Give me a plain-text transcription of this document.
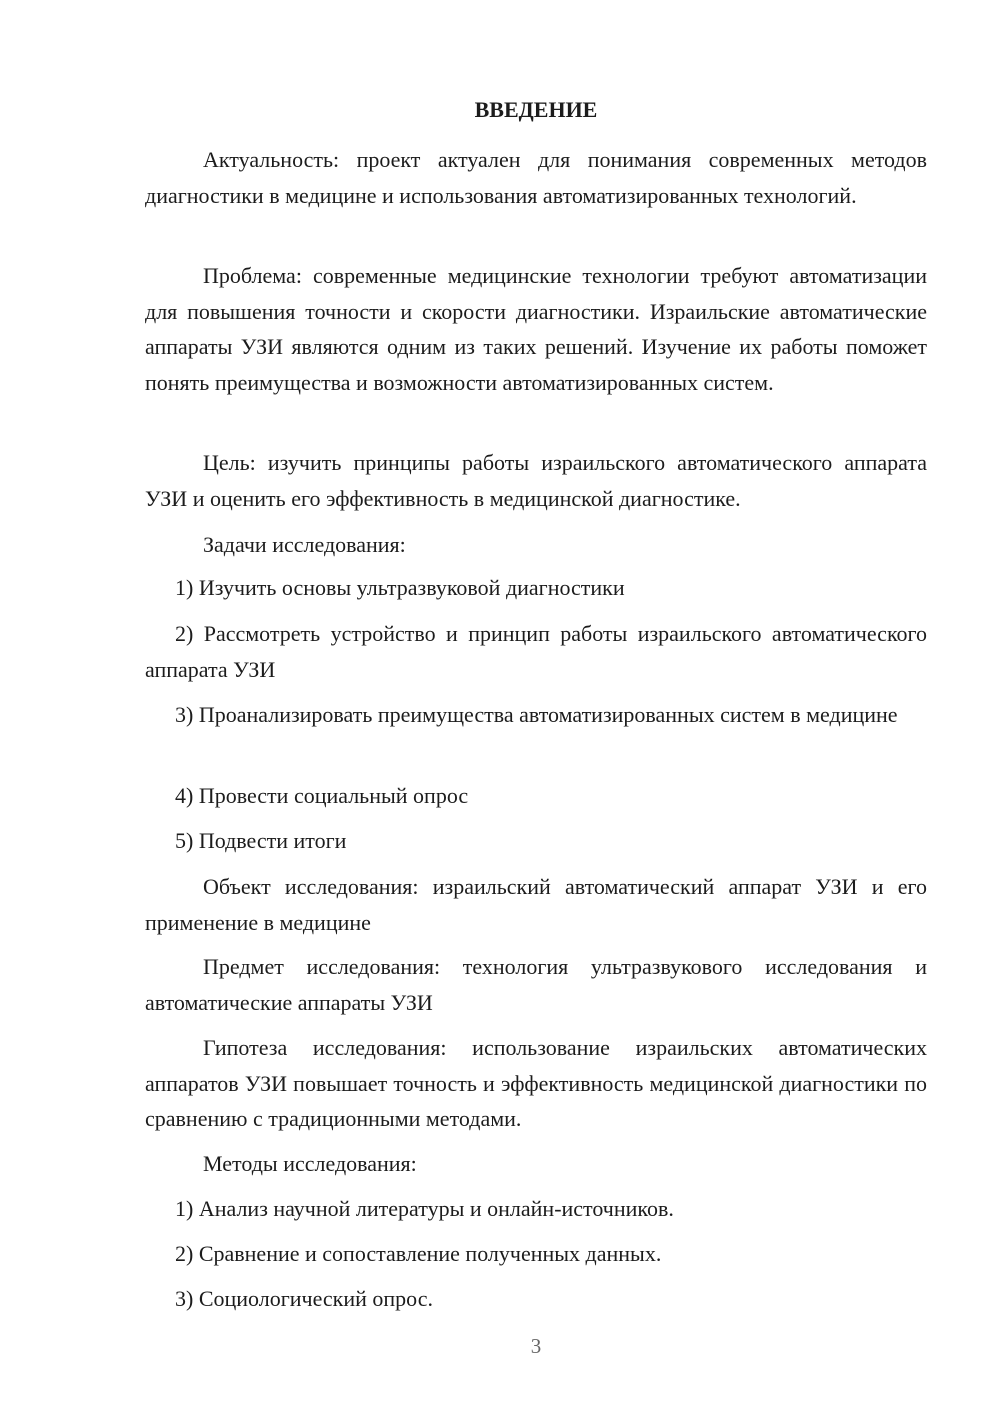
ВВЕДЕНИЕ

Актуальность: проект актуален для понимания современных методов диагностики в медицине и использования автоматизированных технологий.

Проблема: современные медицинские технологии требуют автоматизации для повышения точности и скорости диагностики. Израильские автоматические аппараты УЗИ являются одним из таких решений. Изучение их работы поможет понять преимущества и возможности автоматизированных систем.

Цель: изучить принципы работы израильского автоматического аппарата УЗИ и оценить его эффективность в медицинской диагностике.

Задачи исследования:

1) Изучить основы ультразвуковой диагностики

2) Рассмотреть устройство и принцип работы израильского автоматического аппарата УЗИ

3) Проанализировать преимущества автоматизированных систем в медицине

4) Провести социальный опрос

5) Подвести итоги

Объект исследования: израильский автоматический аппарат УЗИ и его применение в медицине

Предмет исследования: технология ультразвукового исследования и автоматические аппараты УЗИ

Гипотеза исследования: использование израильских автоматических аппаратов УЗИ повышает точность и эффективность медицинской диагностики по сравнению с традиционными методами.

Методы исследования:

1) Анализ научной литературы и онлайн-источников.

2) Сравнение и сопоставление полученных данных.

3) Социологический опрос.

3
